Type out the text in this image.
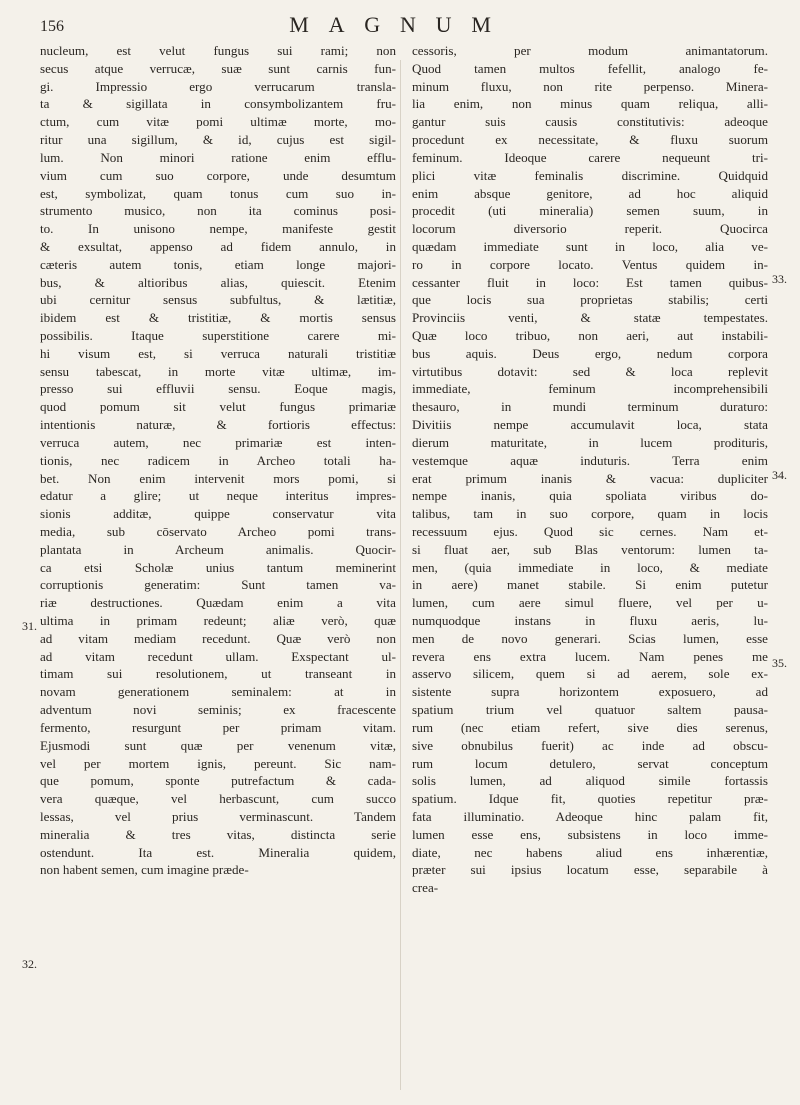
156	MAGNUM
nucleum, est velut fungus sui rami; non
secus atque verrucæ, suæ sunt carnis fun-
gi. Impressio ergo verrucarum transla-
ta & sigillata in consymbolizantem fru-
ctum, cum vitæ pomi ultimæ morte, mo-
ritur una sigillum, & id, cujus est sigil-
lum. Non minori ratione enim efflu-
vium cum suo corpore, unde desumtum
est, symbolizat, quam tonus cum suo in-
strumento musico, non ita cominus posi-
to. In unisono nempe, manifeste gestit
& exsultat, appenso ad fidem annulo, in
cæteris autem tonis, etiam longe majori-
bus, & altioribus alias, quiescit. Etenim
ubi cernitur sensus subfultus, & lætitiæ,
ibidem est & tristitiæ, & mortis sensus
possibilis. Itaque superstitione carere mi-
hi visum est, si verruca naturali tristitiæ
sensu tabescat, in morte vitæ ultimæ, im-
presso sui effluvii sensu. Eoque magis,
quod pomum sit velut fungus primariæ
intentionis naturæ, & fortioris effectus:
verruca autem, nec primariæ est inten-
tionis, nec radicem in Archeo totali ha-
bet. Non enim intervenit mors pomi, si
edatur a glire; ut neque interitus impres-
sionis additæ, quippe conservatur vita
media, sub cōservato Archeo pomi trans-
plantata in Archeum animalis. Quocir-
ca etsi Scholæ unius tantum meminerint
corruptionis generatim: Sunt tamen va-
riæ destructiones. Quædam enim a vita
ultima in primam redeunt; aliæ verò, quæ
ad vitam mediam recedunt. Quæ verò non
ad vitam recedunt ullam. Exspectant ul-
timam sui resolutionem, ut transeant in
novam generationem seminalem: at in
adventum novi seminis; ex fracescente
fermento, resurgunt per primam vitam.
Ejusmodi sunt quæ per venenum vitæ,
vel per mortem ignis, pereunt. Sic nam-
que pomum, sponte putrefactum & cada-
vera quæque, vel herbascunt, cum succo
lessas, vel prius verminascunt. Tandem
mineralia & tres vitas, distincta serie
ostendunt. Ita est. Mineralia quidem,
non habent semen, cum imagine præde-
cessoris, per modum animantatorum.
Quod tamen multos fefellit, analogo fe-
minum fluxu, non rite perpenso. Minera-
lia enim, non minus quam reliqua, alli-
gantur suis causis constitutivis: adeoque
procedunt ex necessitate, & fluxu suorum
feminum. Ideoque carere nequeunt tri-
plici vitæ feminalis discrimine. Quidquid
enim absque genitore, ad hoc aliquid
procedit (uti mineralia) semen suum, in
locorum diversorio reperit. Quocirca
quædam immediate sunt in loco, alia ve-
ro in corpore locato. Ventus quidem in-
cessanter fluit in loco: Est tamen quibus-
que locis sua proprietas stabilis; certi
Provinciis venti, & statæ tempestates.
Quæ loco tribuo, non aeri, aut instabili-
bus aquis. Deus ergo, nedum corpora
virtutibus dotavit: sed & loca replevit
immediate, feminum incomprehensibili
thesauro, in mundi terminum duraturo:
Divitiis nempe accumulavit loca, stata
dierum maturitate, in lucem prodituris,
vestemque aquæ induturis. Terra enim
erat primum inanis & vacua: dupliciter
nempe inanis, quia spoliata viribus do-
talibus, tam in suo corpore, quam in locis
recessuum ejus. Quod sic cernes. Nam et-
si fluat aer, sub Blas ventorum: lumen ta-
men, (quia immediate in loco, & mediate
in aere) manet stabile. Si enim putetur
lumen, cum aere simul fluere, vel per u-
numquodque instans in fluxu aeris, lu-
men de novo generari. Scias lumen, esse
revera ens extra lucem. Nam penes me
asservo silicem, quem si ad aerem, sole ex-
sistente supra horizontem exposuero, ad
spatium trium vel quatuor saltem pausa-
rum (nec etiam refert, sive dies serenus,
sive obnubilus fuerit) ac inde ad obscu-
rum locum detulero, servat conceptum
solis lumen, ad aliquod simile fortassis
spatium. Idque fit, quoties repetitur præ-
fata illuminatio. Adeoque hinc palam fit,
lumen esse ens, subsistens in loco imme-
diate, nec habens aliud ens inhærentiæ,
præter sui ipsius locatum esse, separabile à
crea-
31.
32.
33.
34.
35.
